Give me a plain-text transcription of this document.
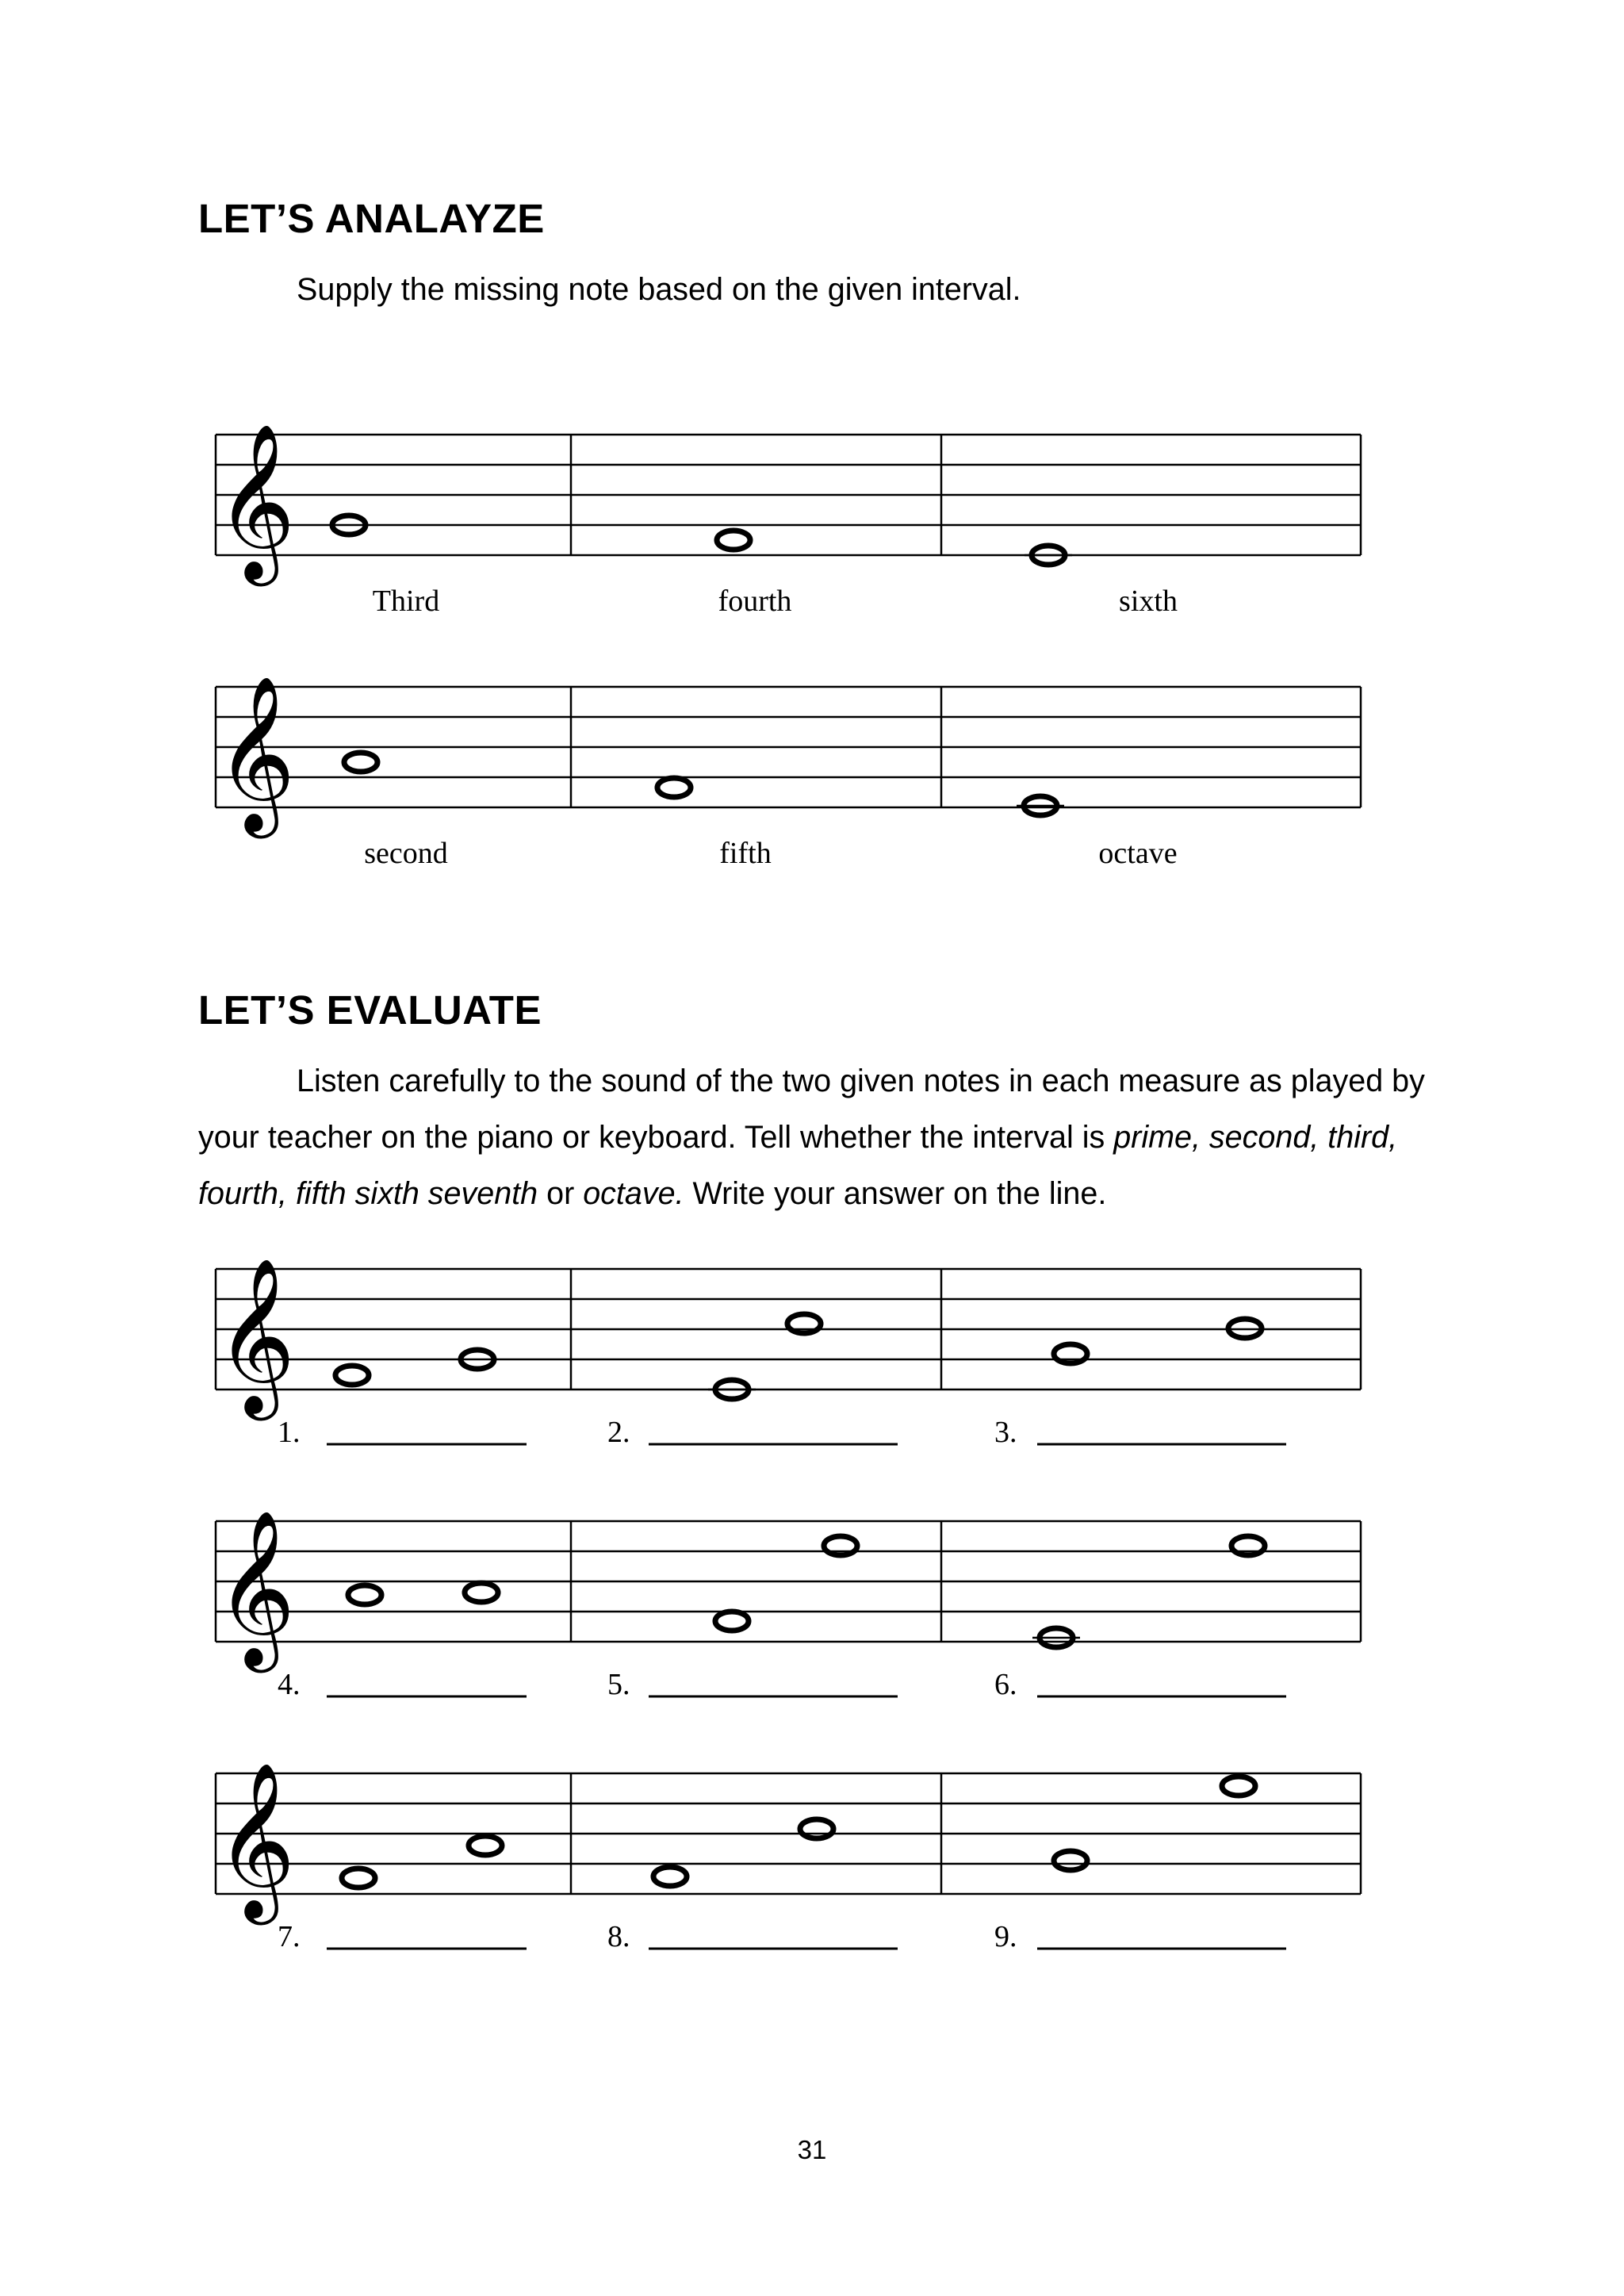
LET’S ANALAYZE

Supply the missing note based on the given interval.

𝄞
Third	fourth	sixth
𝄞
second	fifth	octave
LET’S EVALUATE

Listen carefully to the sound of the two given notes in each measure as played by your teacher on the piano or keyboard. Tell whether the interval is prime, second, third, fourth, fifth sixth seventh or octave. Write your answer on the line.

𝄞
1.	2.	3.
𝄞
4.	5.	6.
𝄞
7.	8.	9.
31
